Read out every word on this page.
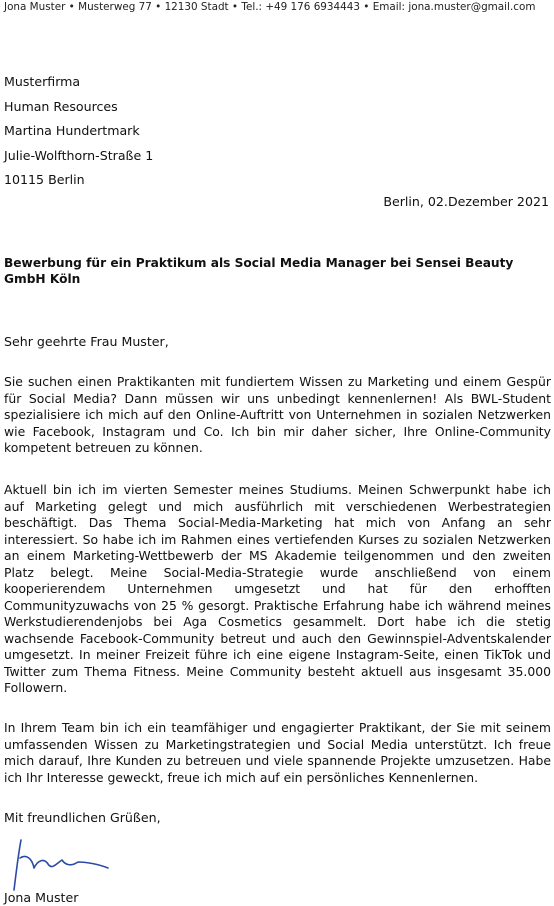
Jona Muster • Musterweg 77 • 12130 Stadt • Tel.: +49 176 6934443 • Email: jona.muster@gmail.com
Musterfirma
Human Resources
Martina Hundertmark
Julie-Wolfthorn-Straße 1
10115 Berlin
Berlin, 02.Dezember 2021
Bewerbung für ein Praktikum als Social Media Manager bei Sensei Beauty GmbH Köln
Sehr geehrte Frau Muster,
Sie suchen einen Praktikanten mit fundiertem Wissen zu Marketing und einem Gespür für Social Media? Dann müssen wir uns unbedingt kennenlernen! Als BWL-Student spezialisiere ich mich auf den Online-Auftritt von Unternehmen in sozialen Netzwerken wie Facebook, Instagram und Co. Ich bin mir daher sicher, Ihre Online-Community kompetent betreuen zu können.
Aktuell bin ich im vierten Semester meines Studiums. Meinen Schwerpunkt habe ich auf Marketing gelegt und mich ausführlich mit verschiedenen Werbestrategien beschäftigt. Das Thema Social-Media-Marketing hat mich von Anfang an sehr interessiert. So habe ich im Rahmen eines vertiefenden Kurses zu sozialen Netzwerken an einem Marketing-Wettbewerb der MS Akademie teilgenommen und den zweiten Platz belegt. Meine Social-Media-Strategie wurde anschließend von einem kooperierendem Unternehmen umgesetzt und hat für den erhofften Communityzuwachs von 25 % gesorgt. Praktische Erfahrung habe ich während meines Werkstudierendenjobs bei Aga Cosmetics gesammelt. Dort habe ich die stetig wachsende Facebook-Community betreut und auch den Gewinnspiel-Adventskalender umgesetzt. In meiner Freizeit führe ich eine eigene Instagram-Seite, einen TikTok und Twitter zum Thema Fitness. Meine Community besteht aktuell aus insgesamt 35.000 Followern.
In Ihrem Team bin ich ein teamfähiger und engagierter Praktikant, der Sie mit seinem umfassenden Wissen zu Marketingstrategien und Social Media unterstützt. Ich freue mich darauf, Ihre Kunden zu betreuen und viele spannende Projekte umzusetzen. Habe ich Ihr Interesse geweckt, freue ich mich auf ein persönliches Kennenlernen.
Mit freundlichen Grüßen,
Jona Muster
